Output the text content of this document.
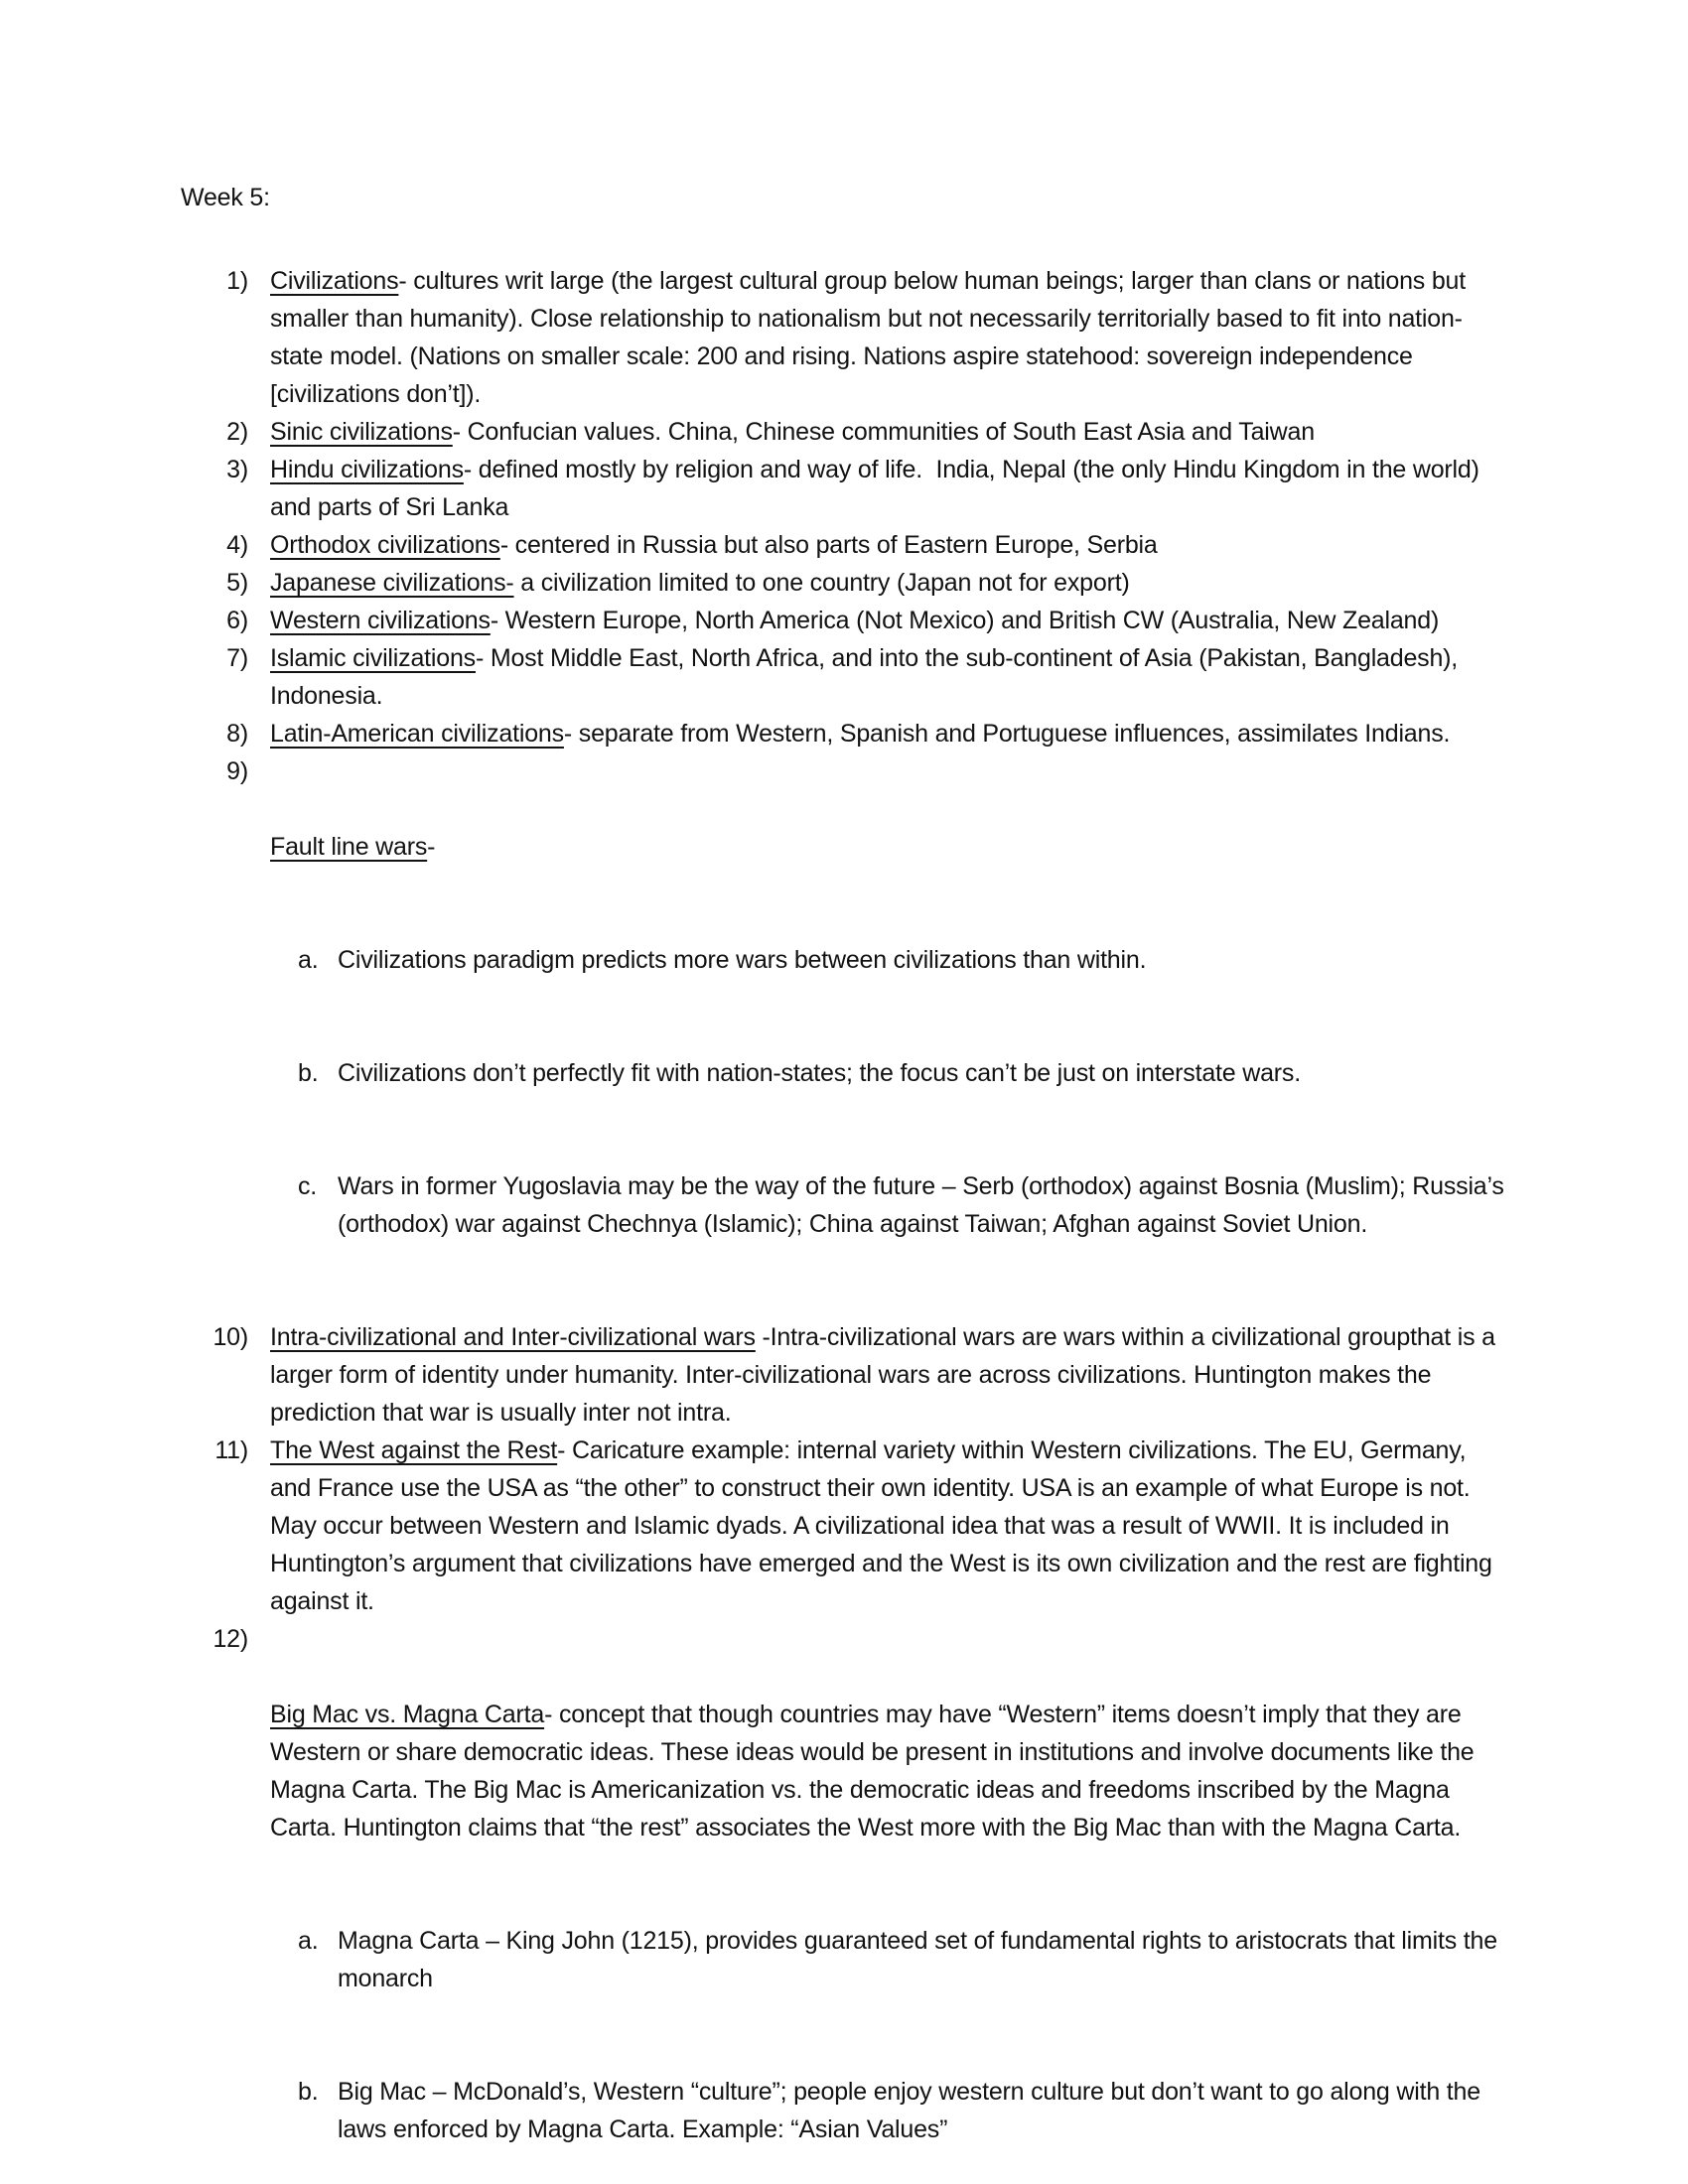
Week 5:
1) Civilizations- cultures writ large (the largest cultural group below human beings; larger than clans or nations but smaller than humanity). Close relationship to nationalism but not necessarily territorially based to fit into nation-state model. (Nations on smaller scale: 200 and rising. Nations aspire statehood: sovereign independence [civilizations don’t]).
2) Sinic civilizations- Confucian values. China, Chinese communities of South East Asia and Taiwan
3) Hindu civilizations- defined mostly by religion and way of life.  India, Nepal (the only Hindu Kingdom in the world) and parts of Sri Lanka
4) Orthodox civilizations- centered in Russia but also parts of Eastern Europe, Serbia
5) Japanese civilizations- a civilization limited to one country (Japan not for export)
6) Western civilizations- Western Europe, North America (Not Mexico) and British CW (Australia, New Zealand)
7) Islamic civilizations- Most Middle East, North Africa, and into the sub-continent of Asia (Pakistan, Bangladesh), Indonesia.
8) Latin-American civilizations- separate from Western, Spanish and Portuguese influences, assimilates Indians.
9)

Fault line wars-

a. Civilizations paradigm predicts more wars between civilizations than within.

b. Civilizations don’t perfectly fit with nation-states; the focus can’t be just on interstate wars.

c. Wars in former Yugoslavia may be the way of the future – Serb (orthodox) against Bosnia (Muslim); Russia’s (orthodox) war against Chechnya (Islamic); China against Taiwan; Afghan against Soviet Union.

10) Intra-civilizational and Inter-civilizational wars -Intra-civilizational wars are wars within a civilizational groupthat is a larger form of identity under humanity. Inter-civilizational wars are across civilizations. Huntington makes the prediction that war is usually inter not intra.
11) The West against the Rest- Caricature example: internal variety within Western civilizations. The EU, Germany, and France use the USA as “the other” to construct their own identity. USA is an example of what Europe is not. May occur between Western and Islamic dyads. A civilizational idea that was a result of WWII. It is included in Huntington’s argument that civilizations have emerged and the West is its own civilization and the rest are fighting against it.
12)

Big Mac vs. Magna Carta- concept that though countries may have “Western” items doesn’t imply that they are Western or share democratic ideas. These ideas would be present in institutions and involve documents like the Magna Carta. The Big Mac is Americanization vs. the democratic ideas and freedoms inscribed by the Magna Carta. Huntington claims that “the rest” associates the West more with the Big Mac than with the Magna Carta.

a. Magna Carta – King John (1215), provides guaranteed set of fundamental rights to aristocrats that limits the monarch

b. Big Mac – McDonald’s, Western “culture”; people enjoy western culture but don’t want to go along with the laws enforced by Magna Carta. Example: “Asian Values”
